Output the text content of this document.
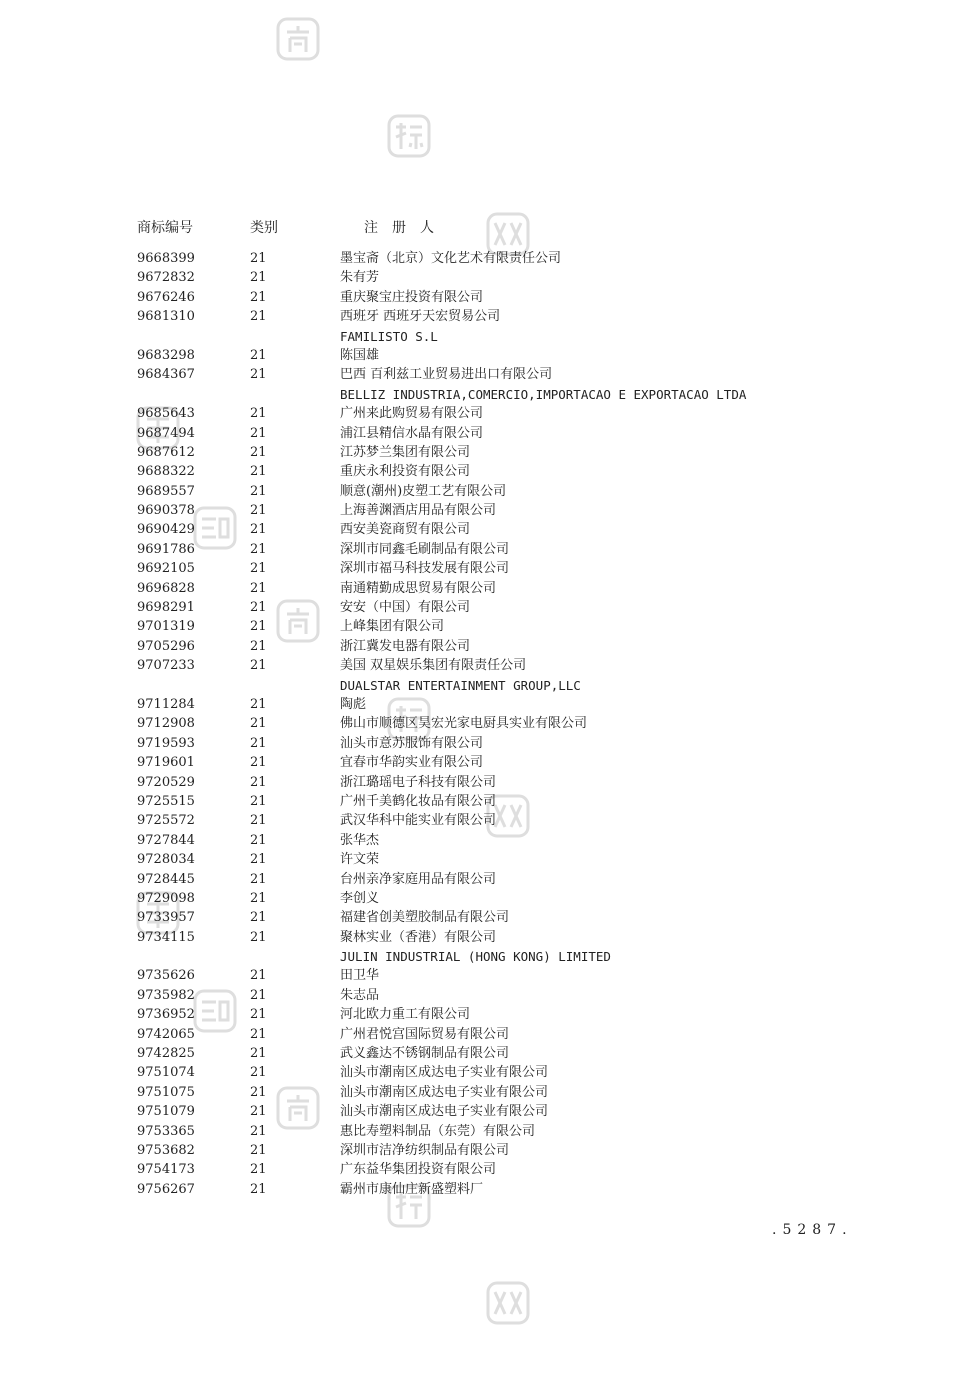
商标编号	类别	注册人
9668399	21	墨宝斋（北京）文化艺术有限责任公司
9672832	21	朱有芳
9676246	21	重庆聚宝庄投资有限公司
9681310	21	西班牙 西班牙天宏贸易公司
FAMILISTO S.L
9683298	21	陈国雄
9684367	21	巴西 百利兹工业贸易进出口有限公司
BELLIZ INDUSTRIA,COMERCIO,IMPORTACAO E EXPORTACAO LTDA
9685643	21	广州来此购贸易有限公司
9687494	21	浦江县精信水晶有限公司
9687612	21	江苏梦兰集团有限公司
9688322	21	重庆永利投资有限公司
9689557	21	顺意(潮州)皮塑工艺有限公司
9690378	21	上海善渊酒店用品有限公司
9690429	21	西安美瓷商贸有限公司
9691786	21	深圳市同鑫毛刷制品有限公司
9692105	21	深圳市福马科技发展有限公司
9696828	21	南通精勤成思贸易有限公司
9698291	21	安安（中国）有限公司
9701319	21	上峰集团有限公司
9705296	21	浙江冀发电器有限公司
9707233	21	美国 双星娱乐集团有限责任公司
DUALSTAR ENTERTAINMENT GROUP,LLC
9711284	21	陶彪
9712908	21	佛山市顺德区昊宏光家电厨具实业有限公司
9719593	21	汕头市意苏服饰有限公司
9719601	21	宜春市华韵实业有限公司
9720529	21	浙江璐瑶电子科技有限公司
9725515	21	广州千美鹤化妆品有限公司
9725572	21	武汉华科中能实业有限公司
9727844	21	张华杰
9728034	21	许文荣
9728445	21	台州亲净家庭用品有限公司
9729098	21	李创义
9733957	21	福建省创美塑胶制品有限公司
9734115	21	聚林实业（香港）有限公司
JULIN INDUSTRIAL (HONG KONG) LIMITED
9735626	21	田卫华
9735982	21	朱志品
9736952	21	河北欧力重工有限公司
9742065	21	广州君悦宫国际贸易有限公司
9742825	21	武义鑫达不锈钢制品有限公司
9751074	21	汕头市潮南区成达电子实业有限公司
9751075	21	汕头市潮南区成达电子实业有限公司
9751079	21	汕头市潮南区成达电子实业有限公司
9753365	21	惠比寿塑料制品（东莞）有限公司
9753682	21	深圳市洁净纺织制品有限公司
9754173	21	广东益华集团投资有限公司
9756267	21	霸州市康仙庄新盛塑料厂
.5287.
